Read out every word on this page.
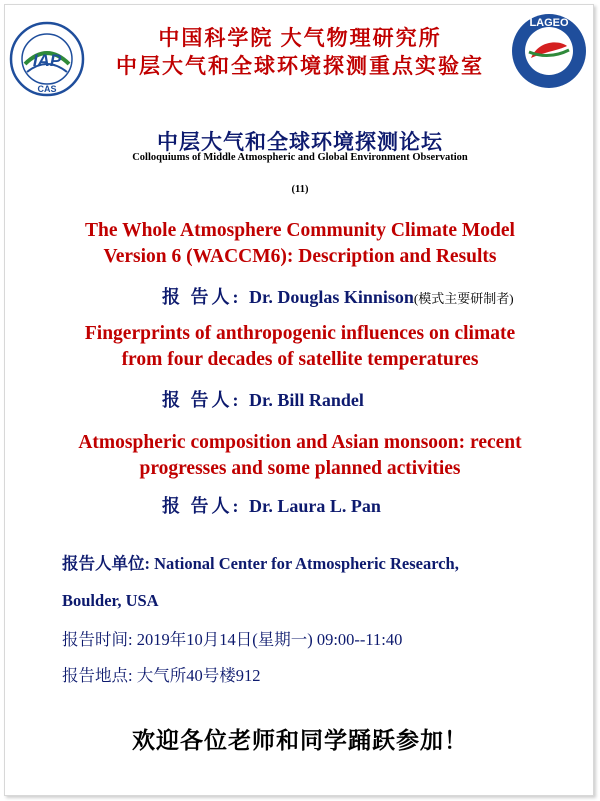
IAP
CAS
LAGEO
中国科学院 大气物理研究所
中层大气和全球环境探测重点实验室
中层大气和全球环境探测论坛
Colloquiums of Middle Atmospheric and Global Environment Observation
(11)
The Whole Atmosphere Community Climate Model
Version 6 (WACCM6): Description and Results
报 告人: Dr. Douglas Kinnison(模式主要研制者)
Fingerprints of anthropogenic influences on climate
from four decades of satellite temperatures
报 告人: Dr. Bill Randel
Atmospheric composition and Asian monsoon: recent
progresses and some planned activities
报 告人: Dr. Laura L. Pan
报告人单位: National Center for Atmospheric Research,
Boulder, USA
报告时间: 2019年10月14日(星期一) 09:00--11:40
报告地点: 大气所40号楼912
欢迎各位老师和同学踊跃参加！
